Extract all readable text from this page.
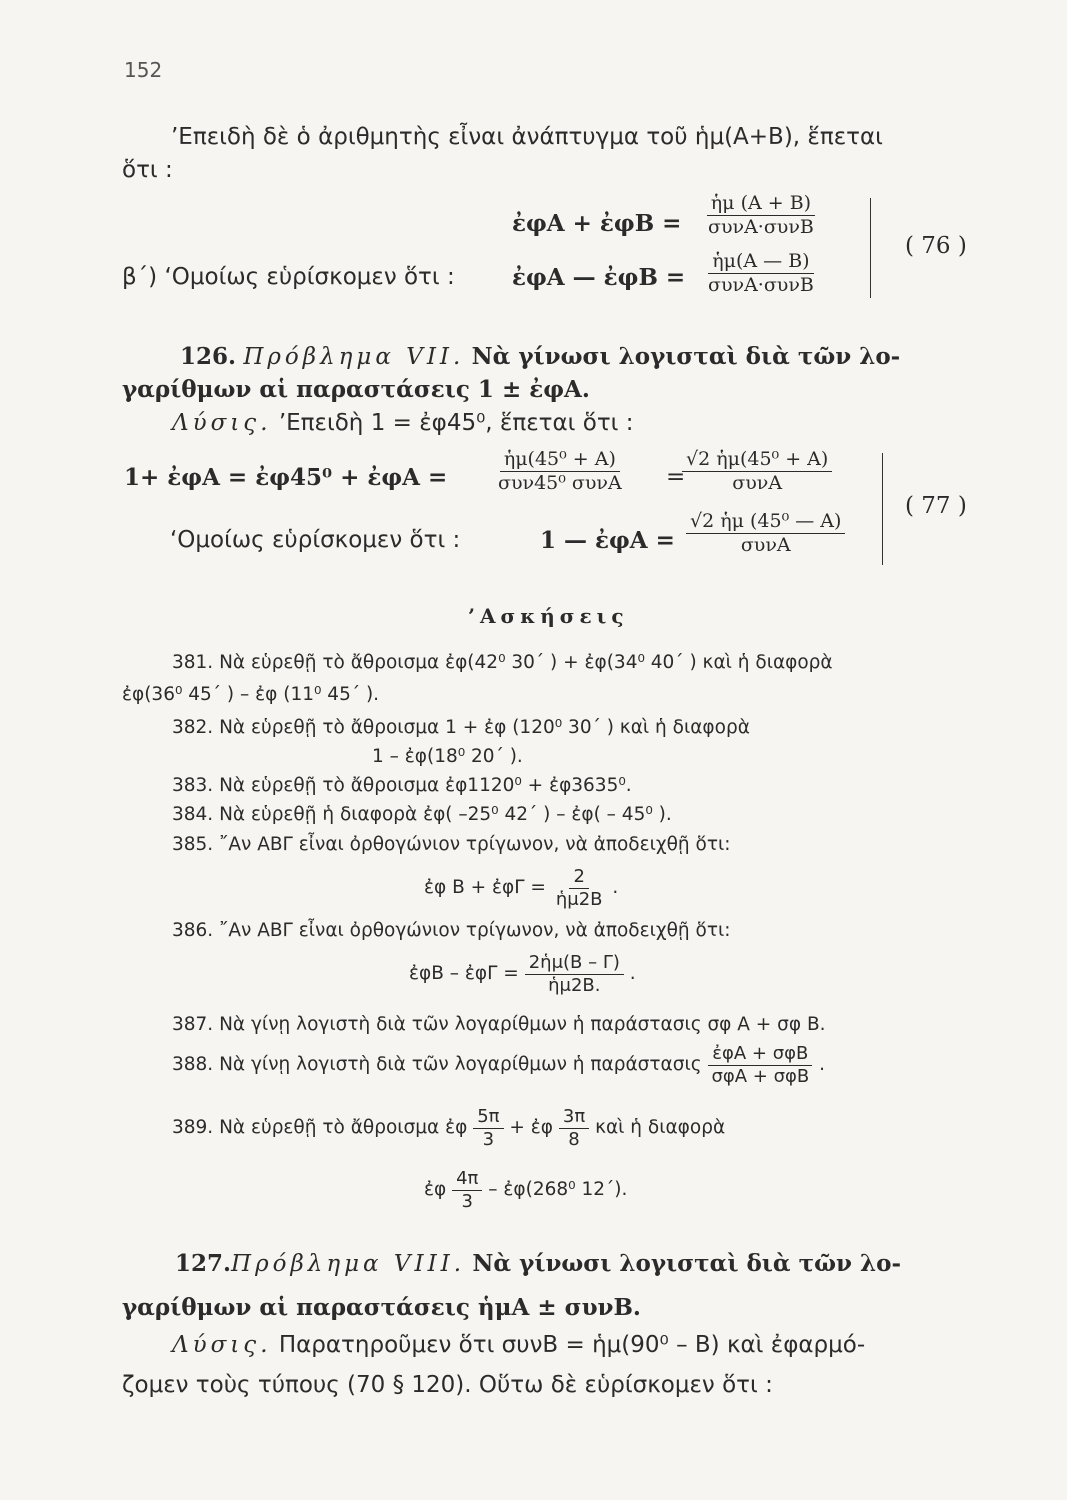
152
’Επειδὴ δὲ ὁ ἀριθμητὴς εἶναι ἀνάπτυγμα τοῦ ἡμ(Α+Β), ἕπεται
ὅτι :
ἐφΑ + ἐφΒ = $\frac{\text{ἡμ (Α + Β)}}{\text{συνΑ·συνΒ}}$
β΄) ‘Ομοίως εὑρίσκομεν ὅτι : ἐφΑ — ἐφΒ = $\frac{\text{ἡμ(Α — Β)}}{\text{συνΑ·συνΒ}}$
( 76 )
126. Πρόβλημα VII. Νὰ γίνωσι λογισταὶ διὰ τῶν λο-
γαρίθμων αἱ παραστάσεις 1 ± ἐφΑ.
Λύσις. ’Επειδὴ 1 = ἐφ45⁰, ἕπεται ὅτι :
1+ ἐφΑ = ἐφ45⁰ + ἐφΑ = $\frac{\text{ἡμ(45⁰ + Α)}}{\text{συν45⁰ συνΑ}}$ =
$\frac{\text{√2 ἡμ(45⁰ + Α)}}{\text{συνΑ}}$
‘Ομοίως εὑρίσκομεν ὅτι :	1 — ἐφΑ = $\frac{\text{√2 ἡμ (45⁰ — Α)}}{\text{συνΑ}}$
( 77 )
’Ασκήσεις
381. Νὰ εὑρεθῇ τὸ ἄθροισμα ἐφ(42⁰ 30΄ ) + ἐφ(34⁰ 40΄ ) καὶ ἡ διαφορὰ
ἐφ(36⁰ 45΄ ) – ἐφ (11⁰ 45΄ ).
382. Νὰ εὑρεθῇ τὸ ἄθροισμα 1 + ἐφ (120⁰ 30΄ ) καὶ ἡ διαφορὰ
1 – ἐφ(18⁰ 20΄ ).
383. Νὰ εὑρεθῇ τὸ ἄθροισμα ἐφ1120⁰ + ἐφ3635⁰.
384. Νὰ εὑρεθῇ ἡ διαφορὰ ἐφ( –25⁰ 42΄ ) – ἐφ( – 45⁰ ).
385. ῎Αν ΑΒΓ εἶναι ὀρθογώνιον τρίγωνον, νὰ ἀποδειχθῇ ὅτι:
ἐφ Β + ἐφΓ = $\frac{2}{\text{ἡμ2Β}}$ .
386. ῎Αν ΑΒΓ εἶναι ὀρθογώνιον τρίγωνον, νὰ ἀποδειχθῇ ὅτι:
ἐφΒ – ἐφΓ = $\frac{\text{2ἡμ(Β – Γ)}}{\text{ἡμ2Β.}}$ .
387. Νὰ γίνῃ λογιστὴ διὰ τῶν λογαρίθμων ἡ παράστασις σφ Α + σφ Β.
388. Νὰ γίνῃ λογιστὴ διὰ τῶν λογαρίθμων ἡ παράστασις $\frac{\text{ἐφΑ + σφΒ}}{\text{σφΑ + σφΒ}}$ .
389. Νὰ εὑρεθῇ τὸ ἄθροισμα ἐφ $\frac{5\pi}{3}$ + ἐφ $\frac{3\pi}{8}$ καὶ ἡ διαφορὰ
ἐφ $\frac{4\pi}{3}$ – ἐφ(268⁰ 12΄).
127.Πρόβλημα VIII. Νὰ γίνωσι λογισταὶ διὰ τῶν λο-
γαρίθμων αἱ παραστάσεις ἡμΑ ± συνΒ.
Λύσις. Παρατηροῦμεν ὅτι συνΒ = ἡμ(90⁰ – Β) καὶ ἐφαρμό-
ζομεν τοὺς τύπους (70 § 120). Οὕτω δὲ εὑρίσκομεν ὅτι :
